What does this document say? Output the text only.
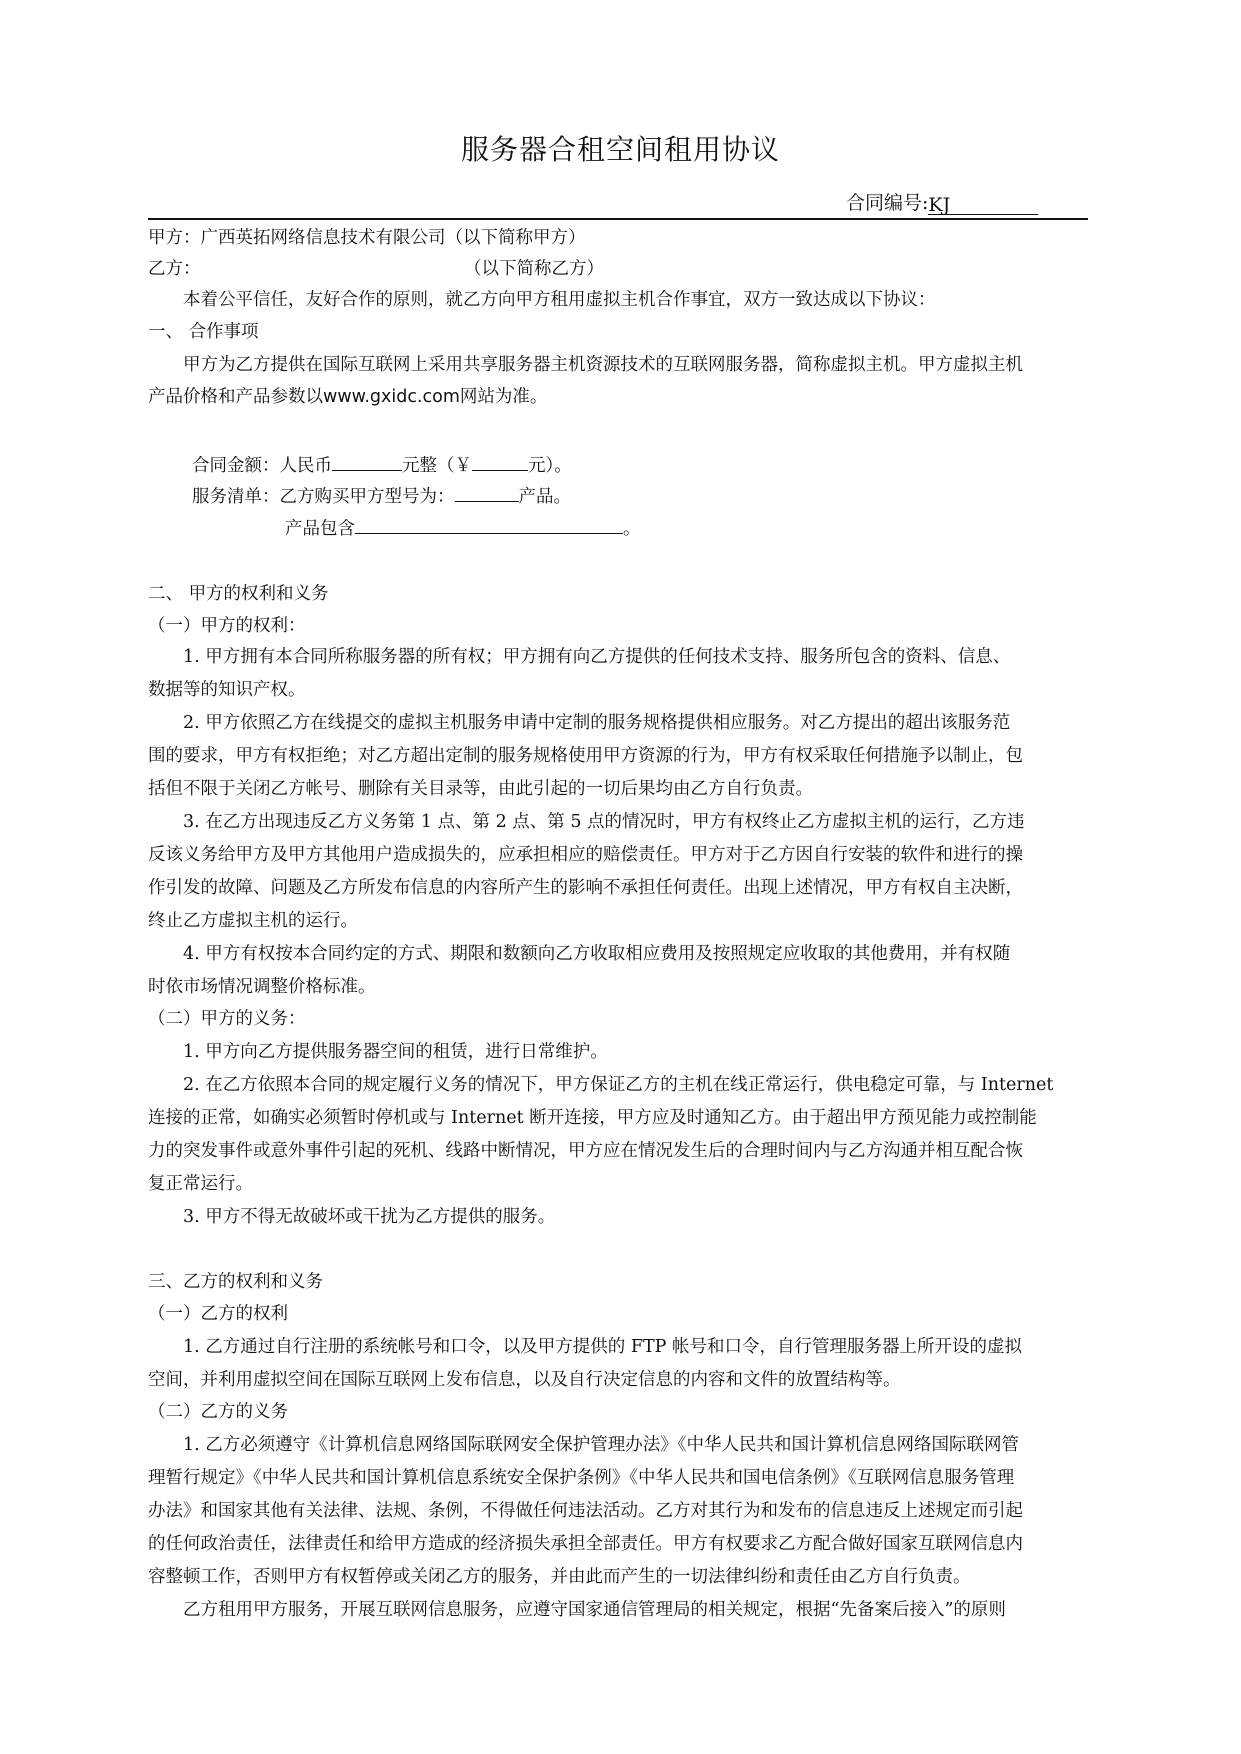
服务器合租空间租用协议
合同编号:KJ
甲方：广西英拓网络信息技术有限公司（以下简称甲方）
乙方：	（以下简称乙方）
本着公平信任，友好合作的原则，就乙方向甲方租用虚拟主机合作事宜，双方一致达成以下协议：
一、 合作事项
甲方为乙方提供在国际互联网上采用共享服务器主机资源技术的互联网服务器，简称虚拟主机。甲方虚拟主机
产品价格和产品参数以www.gxidc.com网站为准。
合同金额：人民币	元整（￥	元）。
服务清单：乙方购买甲方型号为：	产品。
产品包含	。
二、 甲方的权利和义务
（一）甲方的权利：
1. 甲方拥有本合同所称服务器的所有权；甲方拥有向乙方提供的任何技术支持、服务所包含的资料、信息、
数据等的知识产权。
2. 甲方依照乙方在线提交的虚拟主机服务申请中定制的服务规格提供相应服务。对乙方提出的超出该服务范
围的要求，甲方有权拒绝；对乙方超出定制的服务规格使用甲方资源的行为，甲方有权采取任何措施予以制止，包
括但不限于关闭乙方帐号、删除有关目录等，由此引起的一切后果均由乙方自行负责。
3. 在乙方出现违反乙方义务第 1 点、第 2 点、第 5 点的情况时，甲方有权终止乙方虚拟主机的运行，乙方违
反该义务给甲方及甲方其他用户造成损失的，应承担相应的赔偿责任。甲方对于乙方因自行安装的软件和进行的操
作引发的故障、问题及乙方所发布信息的内容所产生的影响不承担任何责任。出现上述情况，甲方有权自主决断，
终止乙方虚拟主机的运行。
4. 甲方有权按本合同约定的方式、期限和数额向乙方收取相应费用及按照规定应收取的其他费用，并有权随
时依市场情况调整价格标准。
（二）甲方的义务：
1. 甲方向乙方提供服务器空间的租赁，进行日常维护。
2. 在乙方依照本合同的规定履行义务的情况下，甲方保证乙方的主机在线正常运行，供电稳定可靠，与 Internet
连接的正常，如确实必须暂时停机或与 Internet 断开连接，甲方应及时通知乙方。由于超出甲方预见能力或控制能
力的突发事件或意外事件引起的死机、线路中断情况，甲方应在情况发生后的合理时间内与乙方沟通并相互配合恢
复正常运行。
3. 甲方不得无故破坏或干扰为乙方提供的服务。
三、乙方的权利和义务
（一）乙方的权利
1. 乙方通过自行注册的系统帐号和口令，以及甲方提供的 FTP 帐号和口令，自行管理服务器上所开设的虚拟
空间，并利用虚拟空间在国际互联网上发布信息，以及自行决定信息的内容和文件的放置结构等。
（二）乙方的义务
1. 乙方必须遵守《计算机信息网络国际联网安全保护管理办法》《中华人民共和国计算机信息网络国际联网管
理暂行规定》《中华人民共和国计算机信息系统安全保护条例》《中华人民共和国电信条例》《互联网信息服务管理
办法》和国家其他有关法律、法规、条例，不得做任何违法活动。乙方对其行为和发布的信息违反上述规定而引起
的任何政治责任，法律责任和给甲方造成的经济损失承担全部责任。甲方有权要求乙方配合做好国家互联网信息内
容整顿工作，否则甲方有权暂停或关闭乙方的服务，并由此而产生的一切法律纠纷和责任由乙方自行负责。
乙方租用甲方服务，开展互联网信息服务，应遵守国家通信管理局的相关规定，根据“先备案后接入”的原则
